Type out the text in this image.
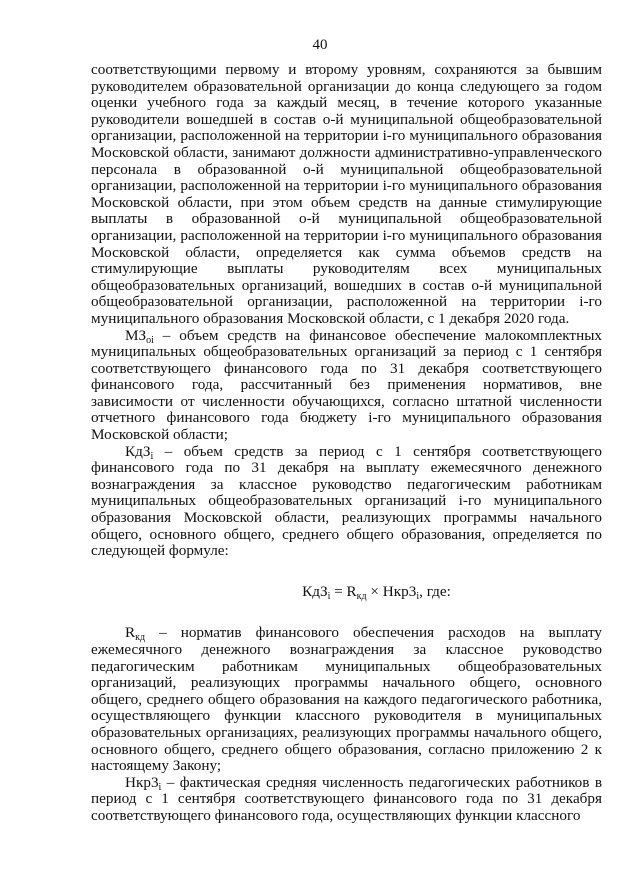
40

соответствующими первому и второму уровням, сохраняются за бывшим руководителем образовательной организации до конца следующего за годом оценки учебного года за каждый месяц, в течение которого указанные руководители вошедшей в состав о-й муниципальной общеобразовательной организации, расположенной на территории i-го муниципального образования Московской области, занимают должности административно-управленческого персонала в образованной о-й муниципальной общеобразовательной организации, расположенной на территории i-го муниципального образования Московской области, при этом объем средств на данные стимулирующие выплаты в образованной о-й муниципальной общеобразовательной организации, расположенной на территории i-го муниципального образования Московской области, определяется как сумма объемов средств на стимулирующие выплаты руководителям всех муниципальных общеобразовательных организаций, вошедших в состав о-й муниципальной общеобразовательной организации, расположенной на территории i-го муниципального образования Московской области, с 1 декабря 2020 года.

$МЗ_{oi}$ – объем средств на финансовое обеспечение малокомплектных муниципальных общеобразовательных организаций за период с 1 сентября соответствующего финансового года по 31 декабря соответствующего финансового года, рассчитанный без применения нормативов, вне зависимости от численности обучающихся, согласно штатной численности отчетного финансового года бюджету i-го муниципального образования Московской области;

КдЗ$_i$ – объем средств за период с 1 сентября соответствующего финансового года по 31 декабря на выплату ежемесячного денежного вознаграждения за классное руководство педагогическим работникам муниципальных общеобразовательных организаций i-го муниципального образования Московской области, реализующих программы начального общего, основного общего, среднего общего образования, определяется по следующей формуле:

$КдЗ_i = R_{кд} \times Нкр3_i$, где:

$R_{кд}$ – норматив финансового обеспечения расходов на выплату ежемесячного денежного вознаграждения за классное руководство педагогическим работникам муниципальных общеобразовательных организаций, реализующих программы начального общего, основного общего, среднего общего образования на каждого педагогического работника, осуществляющего функции классного руководителя в муниципальных образовательных организациях, реализующих программы начального общего, основного общего, среднего общего образования, согласно приложению 2 к настоящему Закону;

$Нкр3_i$ – фактическая средняя численность педагогических работников в период с 1 сентября соответствующего финансового года по 31 декабря соответствующего финансового года, осуществляющих функции классного
